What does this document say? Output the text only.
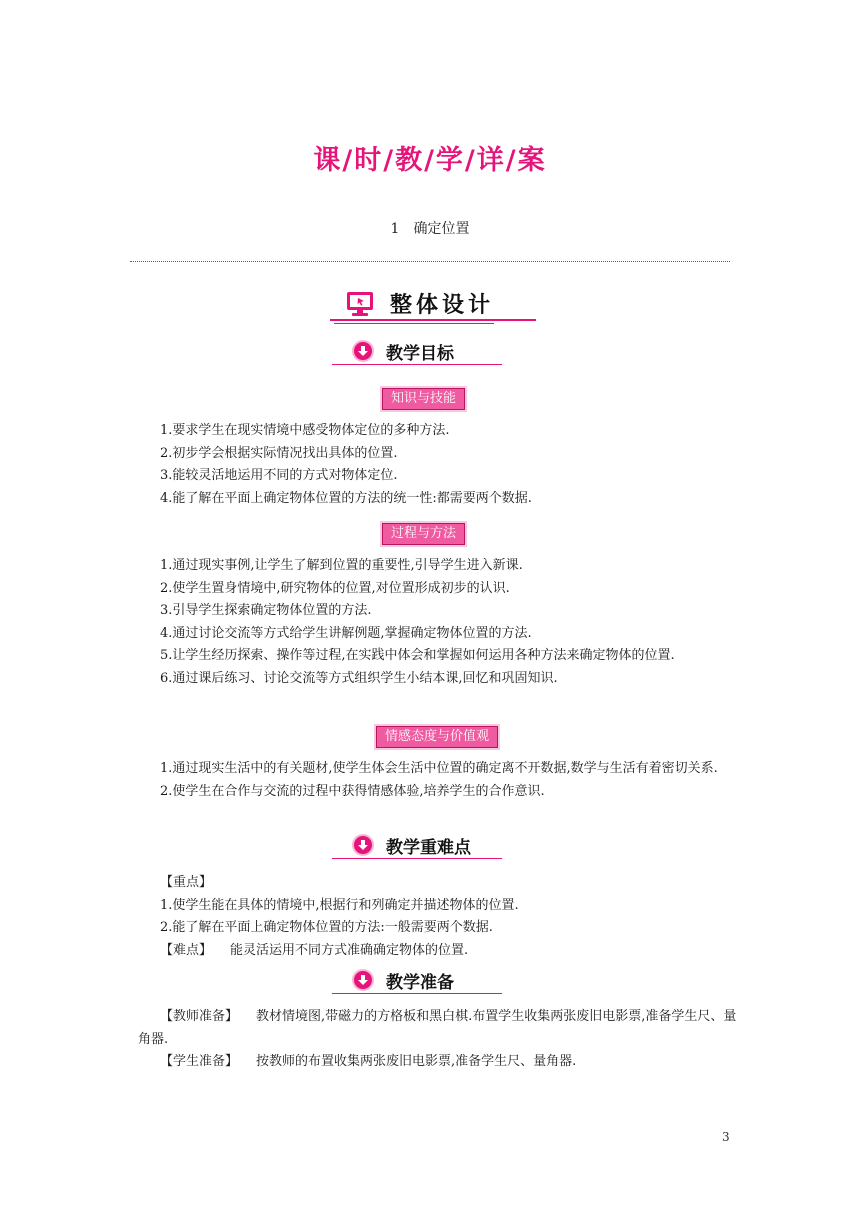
课/时/教/学/详/案
1　确定位置
整体设计
教学目标
知识与技能

1.要求学生在现实情境中感受物体定位的多种方法.

2.初步学会根据实际情况找出具体的位置.

3.能较灵活地运用不同的方式对物体定位.

4.能了解在平面上确定物体位置的方法的统一性:都需要两个数据.

过程与方法

1.通过现实事例,让学生了解到位置的重要性,引导学生进入新课.

2.使学生置身情境中,研究物体的位置,对位置形成初步的认识.

3.引导学生探索确定物体位置的方法.

4.通过讨论交流等方式给学生讲解例题,掌握确定物体位置的方法.

5.让学生经历探索、操作等过程,在实践中体会和掌握如何运用各种方法来确定物体的位置.

6.通过课后练习、讨论交流等方式组织学生小结本课,回忆和巩固知识.

情感态度与价值观

1.通过现实生活中的有关题材,使学生体会生活中位置的确定离不开数据,数学与生活有着密切关系.

2.使学生在合作与交流的过程中获得情感体验,培养学生的合作意识.

教学重难点

【重点】

1.使学生能在具体的情境中,根据行和列确定并描述物体的位置.

2.能了解在平面上确定物体位置的方法:一般需要两个数据.

【难点】 能灵活运用不同方式准确确定物体的位置.

教学准备

【教师准备】 教材情境图,带磁力的方格板和黑白棋.布置学生收集两张废旧电影票,准备学生尺、量角器.

【学生准备】 按教师的布置收集两张废旧电影票,准备学生尺、量角器.

3
